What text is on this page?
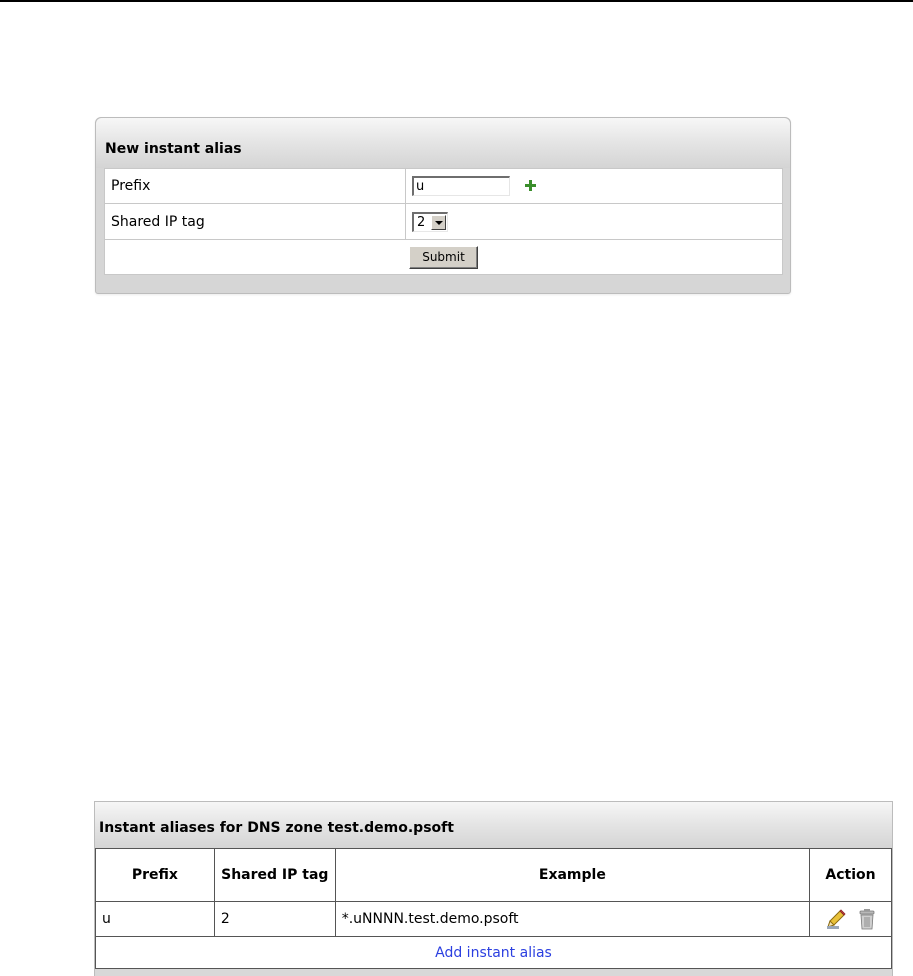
New instant alias
Prefix	u
Shared IP tag	2

Submit	
Instant aliases for DNS zone test.demo.psoft
Prefix	Shared IP tag	Example	Action
u	2	*.uNNNN.test.demo.psoft	
Add instant alias			
